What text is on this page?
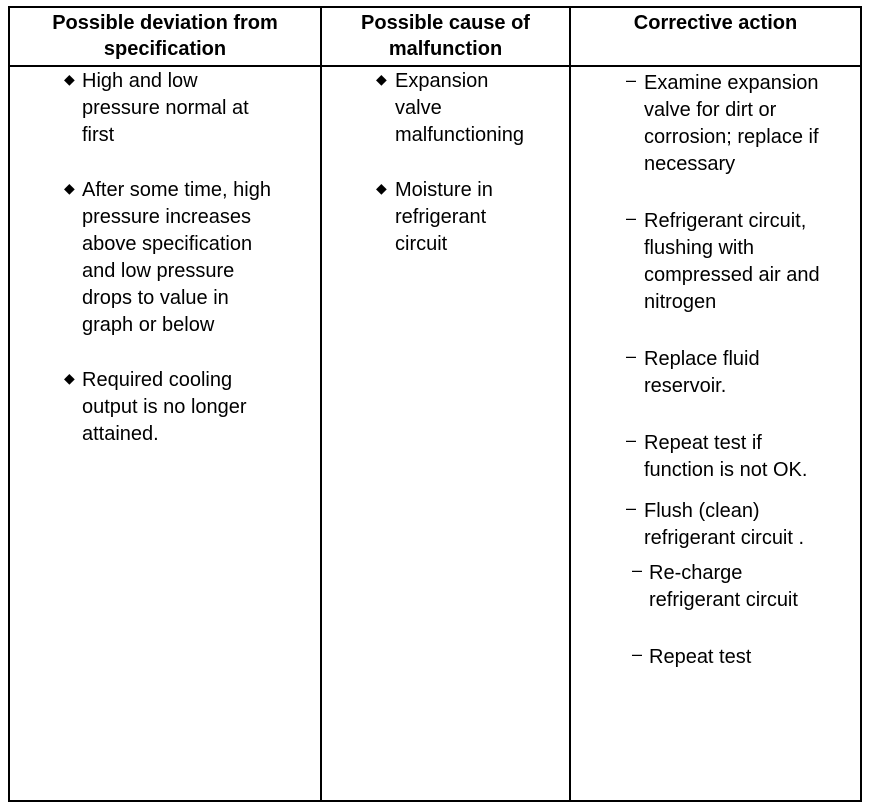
Possible deviation from
specification
Possible cause of
malfunction
Corrective action
◆ High and low
pressure normal at
first
◆ After some time, high
pressure increases
above specification
and low pressure
drops to value in
graph or below
◆ Required cooling
output is no longer
attained.
◆ Expansion
valve
malfunctioning
◆ Moisture in
refrigerant
circuit
– Examine expansion
valve for dirt or
corrosion; replace if
necessary
– Refrigerant circuit,
flushing with
compressed air and
nitrogen
– Replace fluid
reservoir.
– Repeat test if
function is not OK.
– Flush (clean)
refrigerant circuit .
– Re-charge
refrigerant circuit
– Repeat test
